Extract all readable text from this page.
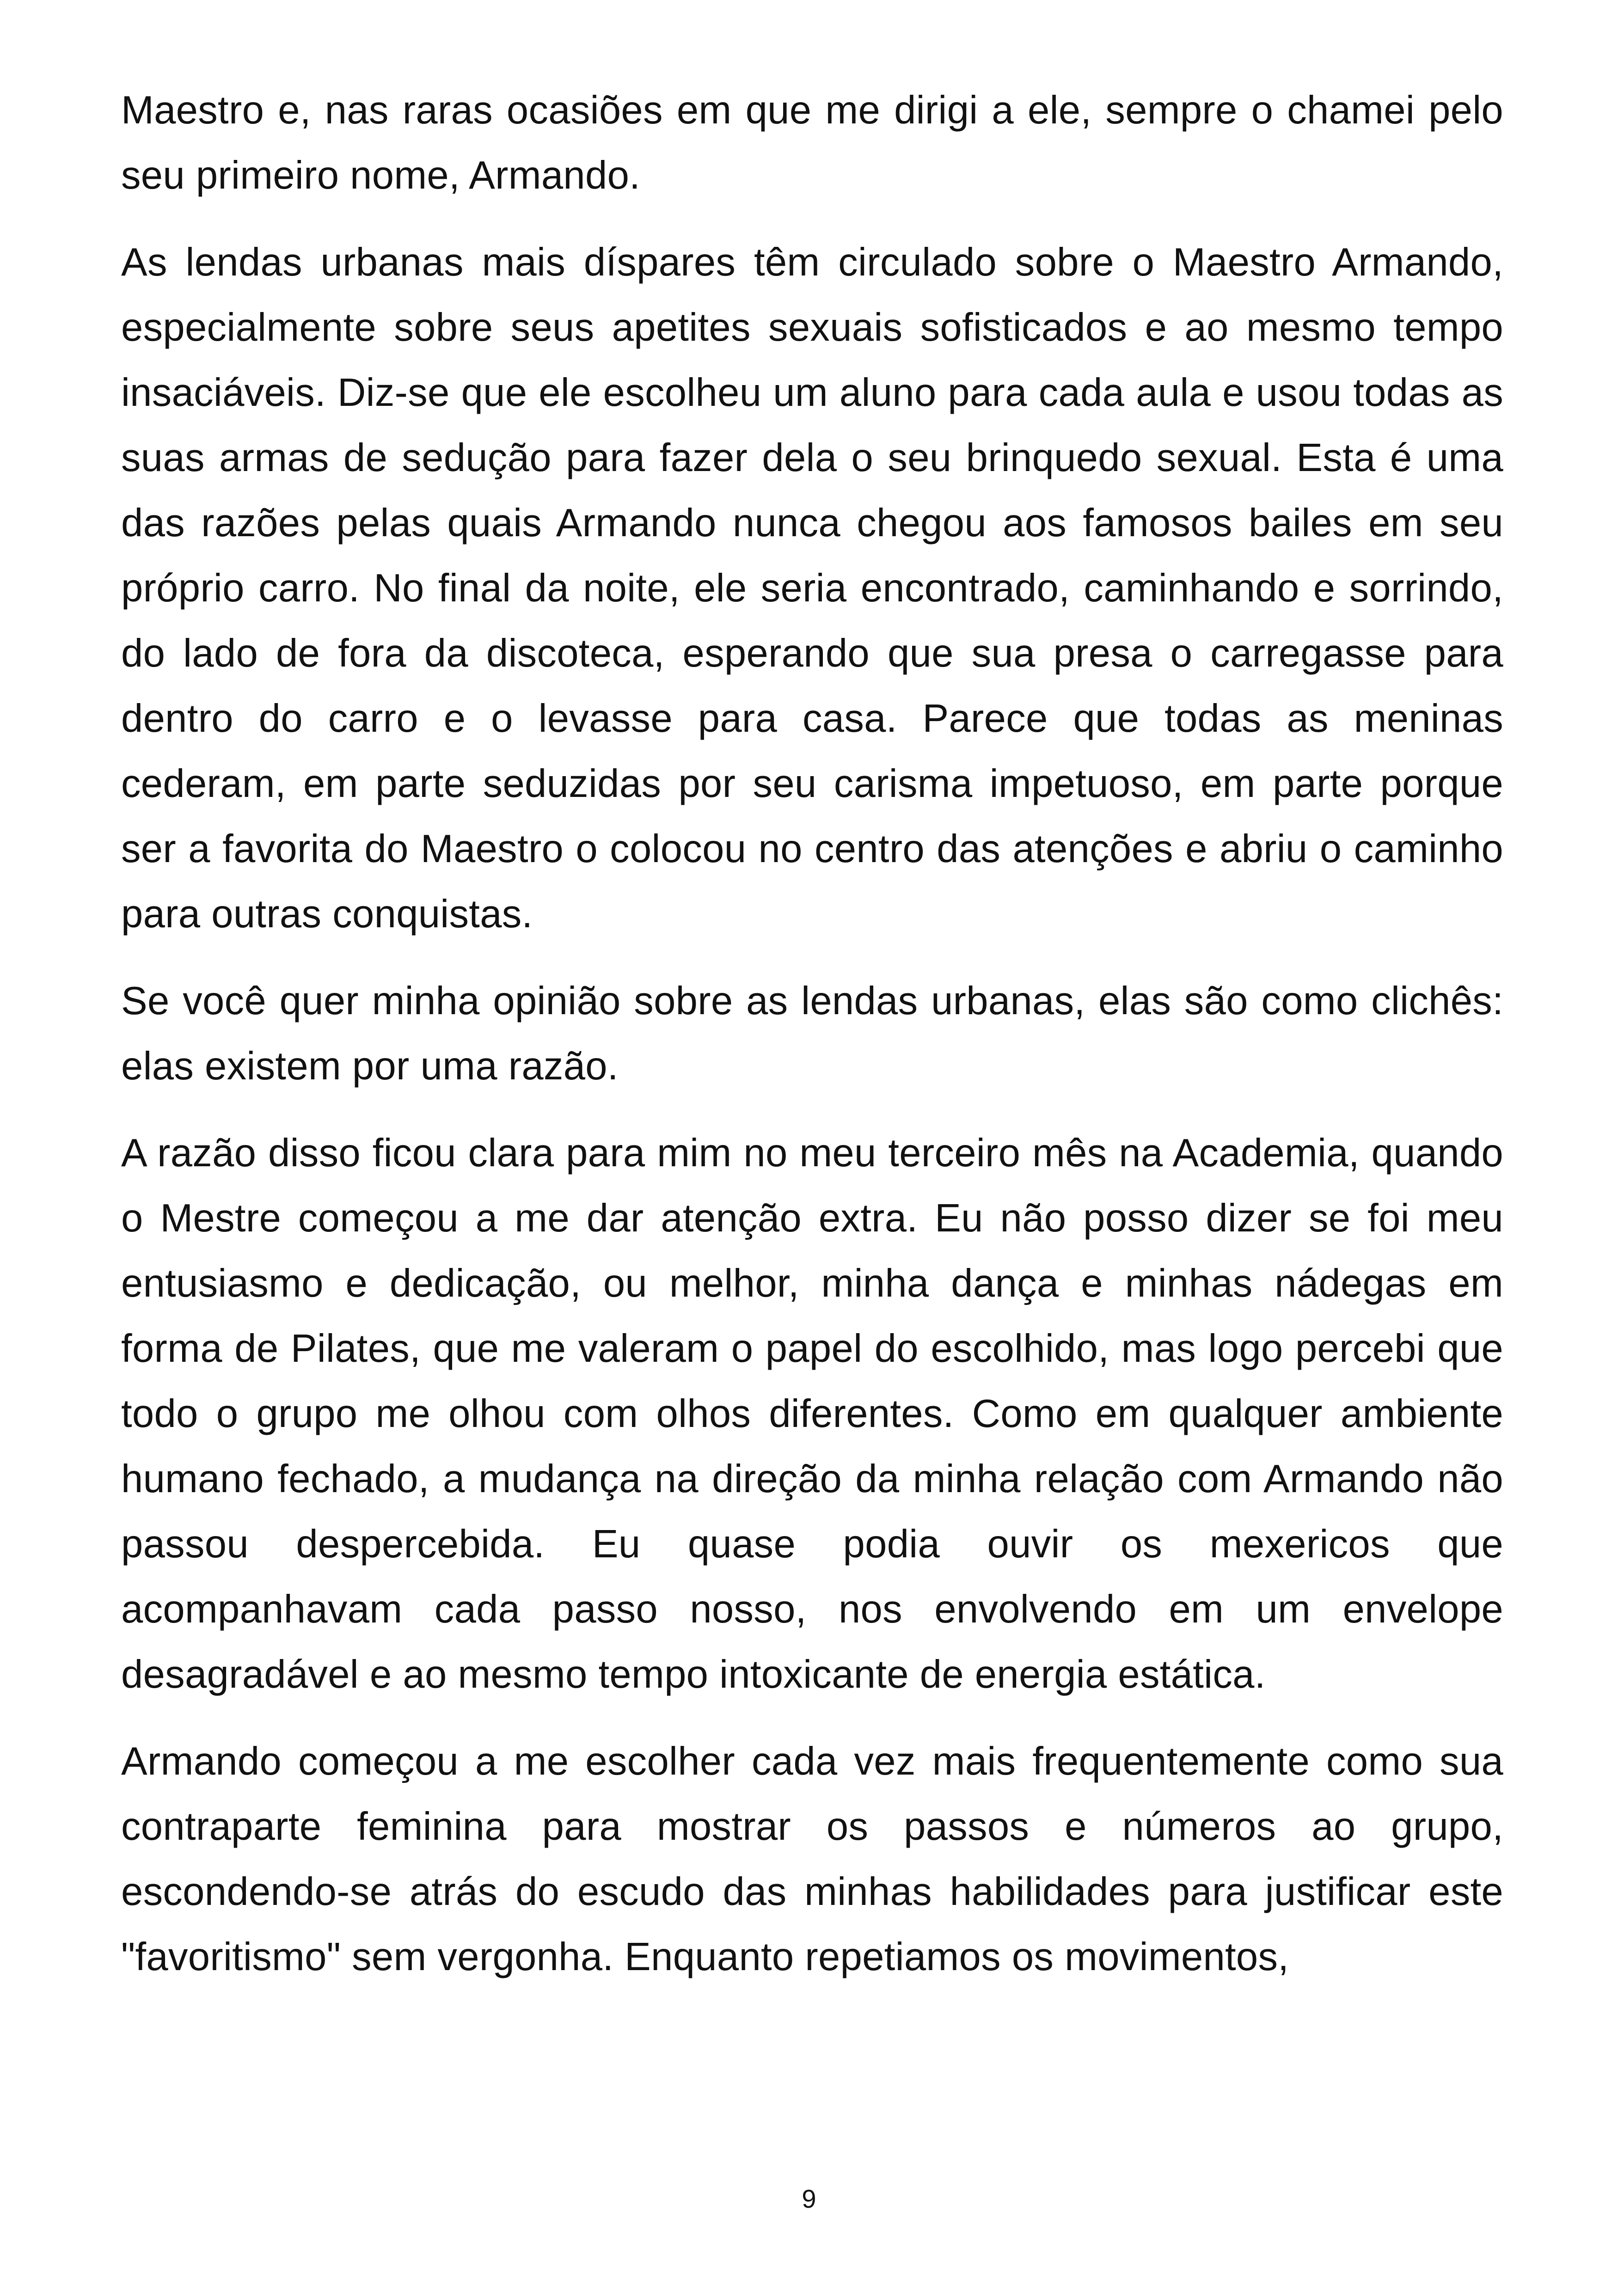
Maestro e, nas raras ocasiões em que me dirigi a ele, sempre o chamei pelo seu primeiro nome, Armando.

As lendas urbanas mais díspares têm circulado sobre o Maestro Armando, especialmente sobre seus apetites sexuais sofisticados e ao mesmo tempo insaciáveis. Diz-se que ele escolheu um aluno para cada aula e usou todas as suas armas de sedução para fazer dela o seu brinquedo sexual. Esta é uma das razões pelas quais Armando nunca chegou aos famosos bailes em seu próprio carro. No final da noite, ele seria encontrado, caminhando e sorrindo, do lado de fora da discoteca, esperando que sua presa o carregasse para dentro do carro e o levasse para casa. Parece que todas as meninas cederam, em parte seduzidas por seu carisma impetuoso, em parte porque ser a favorita do Maestro o colocou no centro das atenções e abriu o caminho para outras conquistas.

Se você quer minha opinião sobre as lendas urbanas, elas são como clichês: elas existem por uma razão.

A razão disso ficou clara para mim no meu terceiro mês na Academia, quando o Mestre começou a me dar atenção extra. Eu não posso dizer se foi meu entusiasmo e dedicação, ou melhor, minha dança e minhas nádegas em forma de Pilates, que me valeram o papel do escolhido, mas logo percebi que todo o grupo me olhou com olhos diferentes. Como em qualquer ambiente humano fechado, a mudança na direção da minha relação com Armando não passou despercebida. Eu quase podia ouvir os mexericos que acompanhavam cada passo nosso, nos envolvendo em um envelope desagradável e ao mesmo tempo intoxicante de energia estática.

Armando começou a me escolher cada vez mais frequentemente como sua contraparte feminina para mostrar os passos e números ao grupo, escondendo-se atrás do escudo das minhas habilidades para justificar este "favoritismo" sem vergonha. Enquanto repetiamos os movimentos,

9
